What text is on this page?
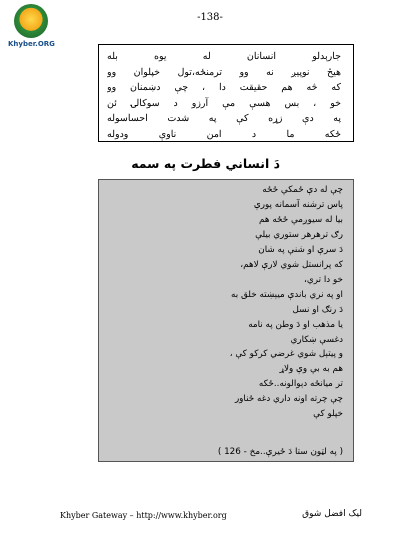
Khyber.ORG
-138-
جارېدلو انسانان له يوه بله
هيڅ نوپيږ نه وو ترمنځه،تول خپلوان وو
كه څه هم حقيقت دا ، چې دښمنان وو
خو ، بس هسې مې آرزو د سوكالۍ ئن
په دې زړه كې په شدت احساسوله
ځكه ما د امن ناوې ودوله
دَ انساني فطرت په سمه
چې له دې ځمكې ځځه
پاس ترشنه آسمانه پورې
بيا له سيوږمې ځځه هم
رګ ترهرهر ستوري بيلې
دَ سرې او شنې په شان
كه پرانستل شوي لارې لاهم،
خو دا تري،
او په نري باندې ميېښته خلق به
دَ رنګ او نسل
يا مذهب او دَ وطن په نامه
دغسې ښكاري
و پيتېل شوي غرضي كركو كې ،
هم به بې وې ولاړ
تر ميانځه دېوالونه..ځكه
چې چرته اونه داري دغه ځناور
خپلو كې
( په لټون ستا دَ ځيرې..مخ - 126 )
Khyber Gateway – http://www.khyber.org	ليک افضل شوق
